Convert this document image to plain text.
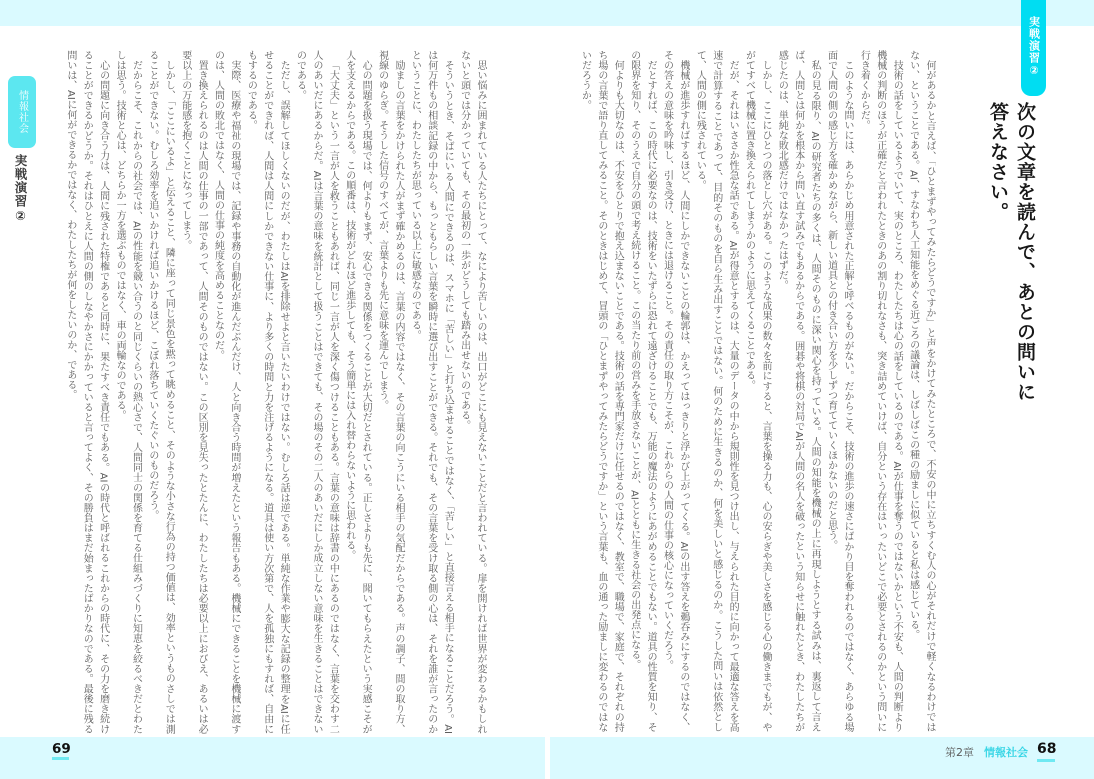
実戦演習②
次の文章を読んで、あとの問いに答えなさい。

何があるかと言えば、「ひとまずやってみたらどうですか」と声をかけてみたところで、不安の中に立ちすくむ人の心がそれだけで軽くなるわけではない、ということである。AI、すなわち人工知能をめぐる近ごろの議論は、しばしばこの種の励ましに似ていると私は感じている。

技術の話をしているようでいて、実のところ、わたしたちは心の話をしているのである。AIが仕事を奪うのではないかという不安も、人間の判断より機械の判断のほうが正確だと言われたときのあの割り切れなさも、突き詰めていけば、自分という存在はいったいどこで必要とされるのかという問いに行き着くからだ。

このような問いには、あらかじめ用意された正解と呼べるものがない。だからこそ、技術の進歩の速さにばかり目を奪われるのではなく、あらゆる場面で人間の側の感じ方を確かめながら、新しい道具との付き合い方を少しずつ育てていくほかないのだと思う。

私の見る限り、AIの研究者たちの多くは、人間そのものに深い関心を持っている。人間の知能を機械の上に再現しようとする試みは、裏返して言えば、人間とは何かを根本から問い直す試みでもあるからである。囲碁や将棋の対局でAIが人間の名人を破ったという知らせに触れたとき、わたしたちが感じたのは、単純な敗北感だけではなかったはずだ。

しかし、ここにひとつの落とし穴がある。このような成果の数々を前にすると、言葉を操る力も、心の安らぎや美しさを感じる心の働きまでもが、やがてすべて機械に置き換えられてしまうかのように思えてくることである。

だが、それはいささか性急な話である。AIが得意とするのは、大量のデータの中から規則性を見つけ出し、与えられた目的に向かって最適な答えを高速で計算することであって、目的そのものを自ら生み出すことではない。何のために生きるのか、何を美しいと感じるのか。こうした問いは依然として、人間の側に残されている。

機械が進歩すればするほど、人間にしかできないことの輪郭は、かえってはっきりと浮かび上がってくる。AIの出す答えを鵜呑みにするのではなく、その答えの意味を吟味し、引き受け、ときには退けること。その責任の取り方こそが、これからの人間の仕事の核心になっていくだろう。

だとすれば、この時代に必要なのは、技術をいたずらに恐れて遠ざけることでも、万能の魔法のようにあがめることでもない。道具の性質を知り、その限界を知り、そのうえで自分の頭で考え続けること。この当たり前の営みを手放さないことが、AIとともに生きる社会の出発点になる。

何よりも大切なのは、不安をひとりで抱え込まないことである。技術の話を専門家だけに任せるのではなく、教室で、職場で、家庭で、それぞれの持ち場の言葉で語り直してみること。そのときはじめて、冒頭の「ひとまずやってみたらどうですか」という言葉も、血の通った励ましに変わるのではないだろうか。

思い悩みに囲まれている人たちにとって、なにより苦しいのは、出口がどこにも見えないことだと言われている。扉を開ければ世界が変わるかもしれないと頭では分かっていても、その最初の一歩がどうしても踏み出せないのである。

そういうとき、そばにいる人間にできるのは、スマホに「苦しい」と打ち込ませることではなく、「苦しい」と直接言える相手になることだろう。AIは何万件もの相談記録の中から、もっともらしい言葉を瞬時に選び出すことができる。それでも、その言葉を受け取る側の心は、それを誰が言ったのかということに、わたしたちが思っている以上に敏感なのである。

励ましの言葉をかけられた人がまず確かめるのは、言葉の内容ではなく、その言葉の向こうにいる相手の気配だからである。声の調子、間の取り方、視線のゆらぎ。そうした信号のすべてが、言葉よりも先に意味を運んでしまう。

心の問題を扱う現場では、何よりもまず、安心できる関係をつくることが大切だとされている。正しさよりも先に、聞いてもらえたという実感こそが人を支えるからである。この順番は、技術がどれほど進歩しても、そう簡単には入れ替わらないように思われる。

「大丈夫」という一言が人を救うこともあれば、同じ一言が人を深く傷つけることもある。言葉の意味は辞書の中にあるのではなく、言葉を交わす二人のあいだにあるからだ。AIは言葉の意味を統計として扱うことはできても、その場のその二人のあいだにしか成立しない意味を生きることはできないのである。

ただし、誤解してほしくないのだが、わたしはAIを排除せよと言いたいわけではない。むしろ話は逆である。単純な作業や膨大な記録の整理をAIに任せることができれば、人間は人間にしかできない仕事に、より多くの時間と力を注げるようになる。道具は使い方次第で、人を孤独にもすれば、自由にもするのである。

実際、医療や福祉の現場では、記録や事務の自動化が進んだぶんだけ、人と向き合う時間が増えたという報告もある。機械にできることを機械に渡すのは、人間の敗北ではなく、人間の仕事の純度を高めることなのだ。

置き換えられるのは人間の仕事の一部であって、人間そのものではない。この区別を見失ったとたんに、わたしたちは必要以上におびえ、あるいは必要以上の万能感を抱くことになってしまう。

しかし、「ここにいるよ」と伝えること、隣に座って同じ景色を黙って眺めること、そのような小さな行為の持つ価値は、効率というものさしでは測ることができない。むしろ効率を追いかければ追いかけるほど、こぼれ落ちていくたぐいのものだろう。

だからこそ、これからの社会では、AIの性能を競い合うのと同じくらいの熱心さで、人間同士の関係を育てる仕組みづくりに知恵を絞るべきだとわたしは思う。技術と心は、どちらか一方を選ぶものではなく、車の両輪なのである。

心の問題に向き合う力は、人間に残された特権であると同時に、果たすべき責任でもある。AIの時代と呼ばれるこれからの時代に、その力を磨き続けることができるかどうか。それはひとえに人間の側のしなやかさにかかっていると言ってよく、その勝負はまだ始まったばかりなのである。最後に残る問いは、AIに何ができるかではなく、わたしたちが何をしたいのか、である。

情報社会
実戦演習②
69	第2章 情報社会 68
